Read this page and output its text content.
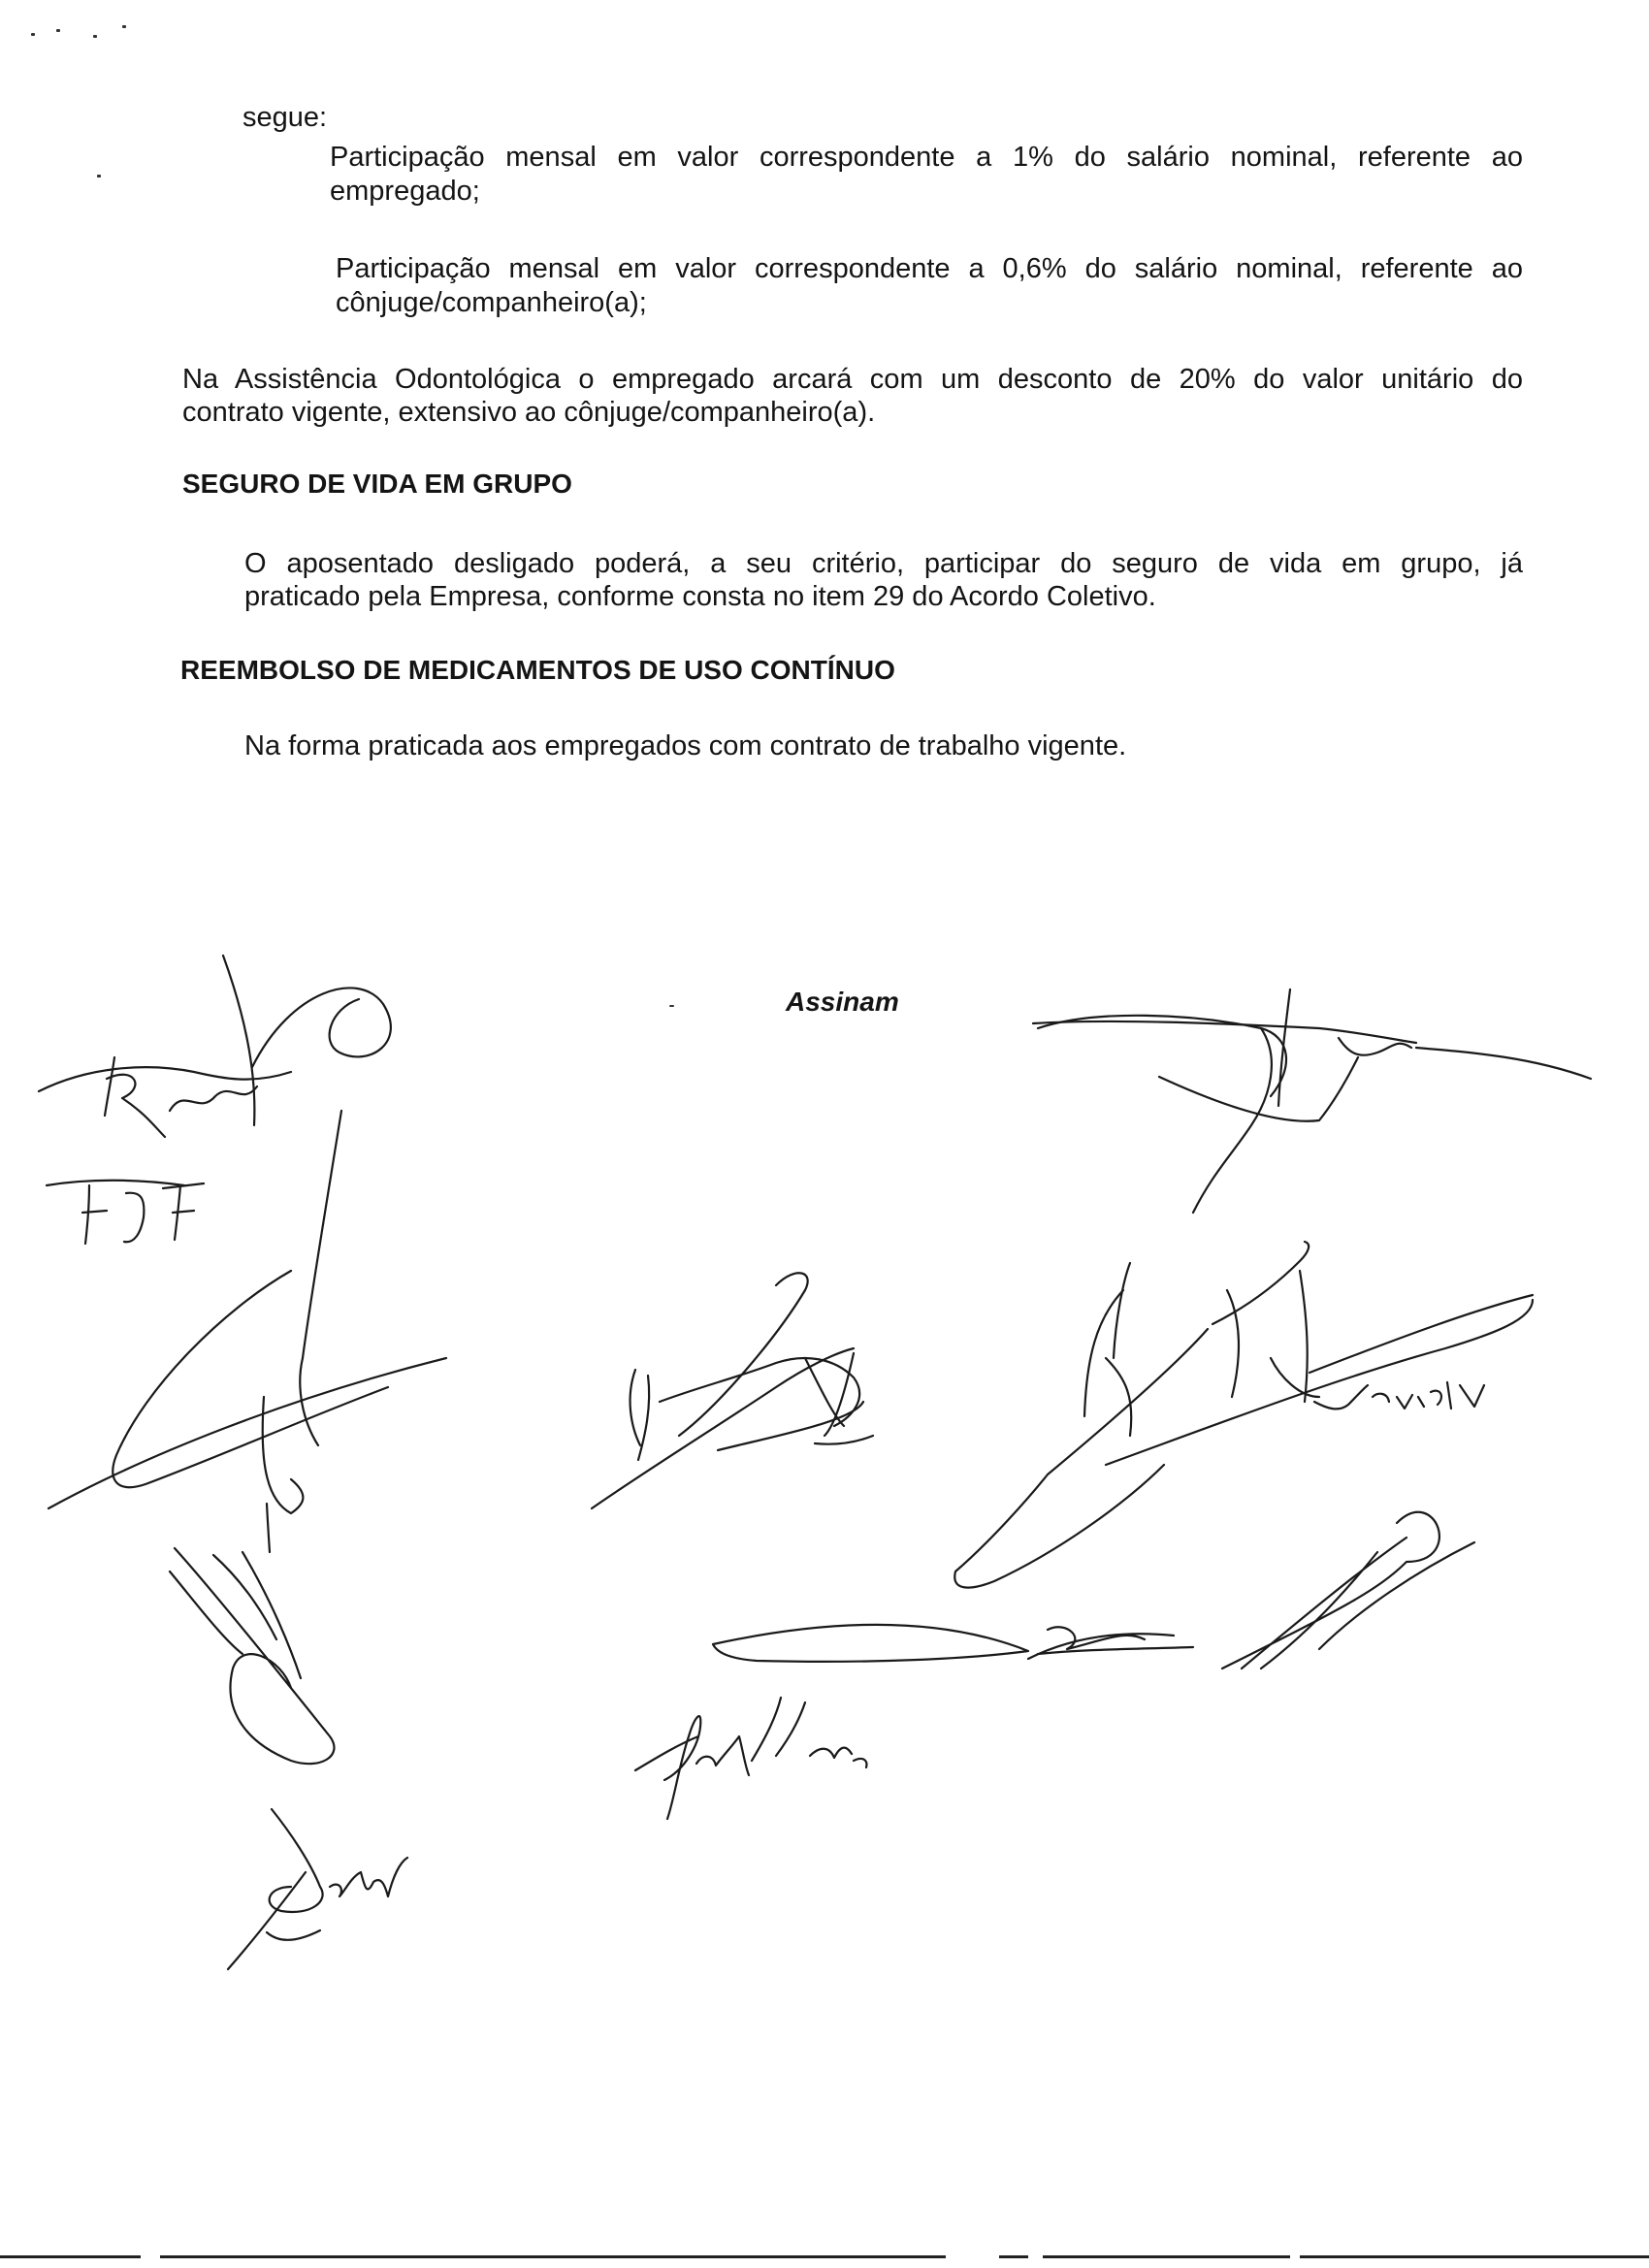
segue:
Participação mensal em valor correspondente a 1% do salário nominal, referente ao
empregado;
Participação mensal em valor correspondente a 0,6% do salário nominal, referente ao
cônjuge/companheiro(a);
Na Assistência Odontológica o empregado arcará com um desconto de 20% do valor unitário do
contrato vigente, extensivo ao cônjuge/companheiro(a).
SEGURO DE VIDA EM GRUPO
O aposentado desligado poderá, a seu critério, participar do seguro de vida em grupo, já
praticado pela Empresa, conforme consta no item 29 do Acordo Coletivo.
REEMBOLSO DE MEDICAMENTOS DE USO CONTÍNUO
Na forma praticada aos empregados com contrato de trabalho vigente.
Assinam
